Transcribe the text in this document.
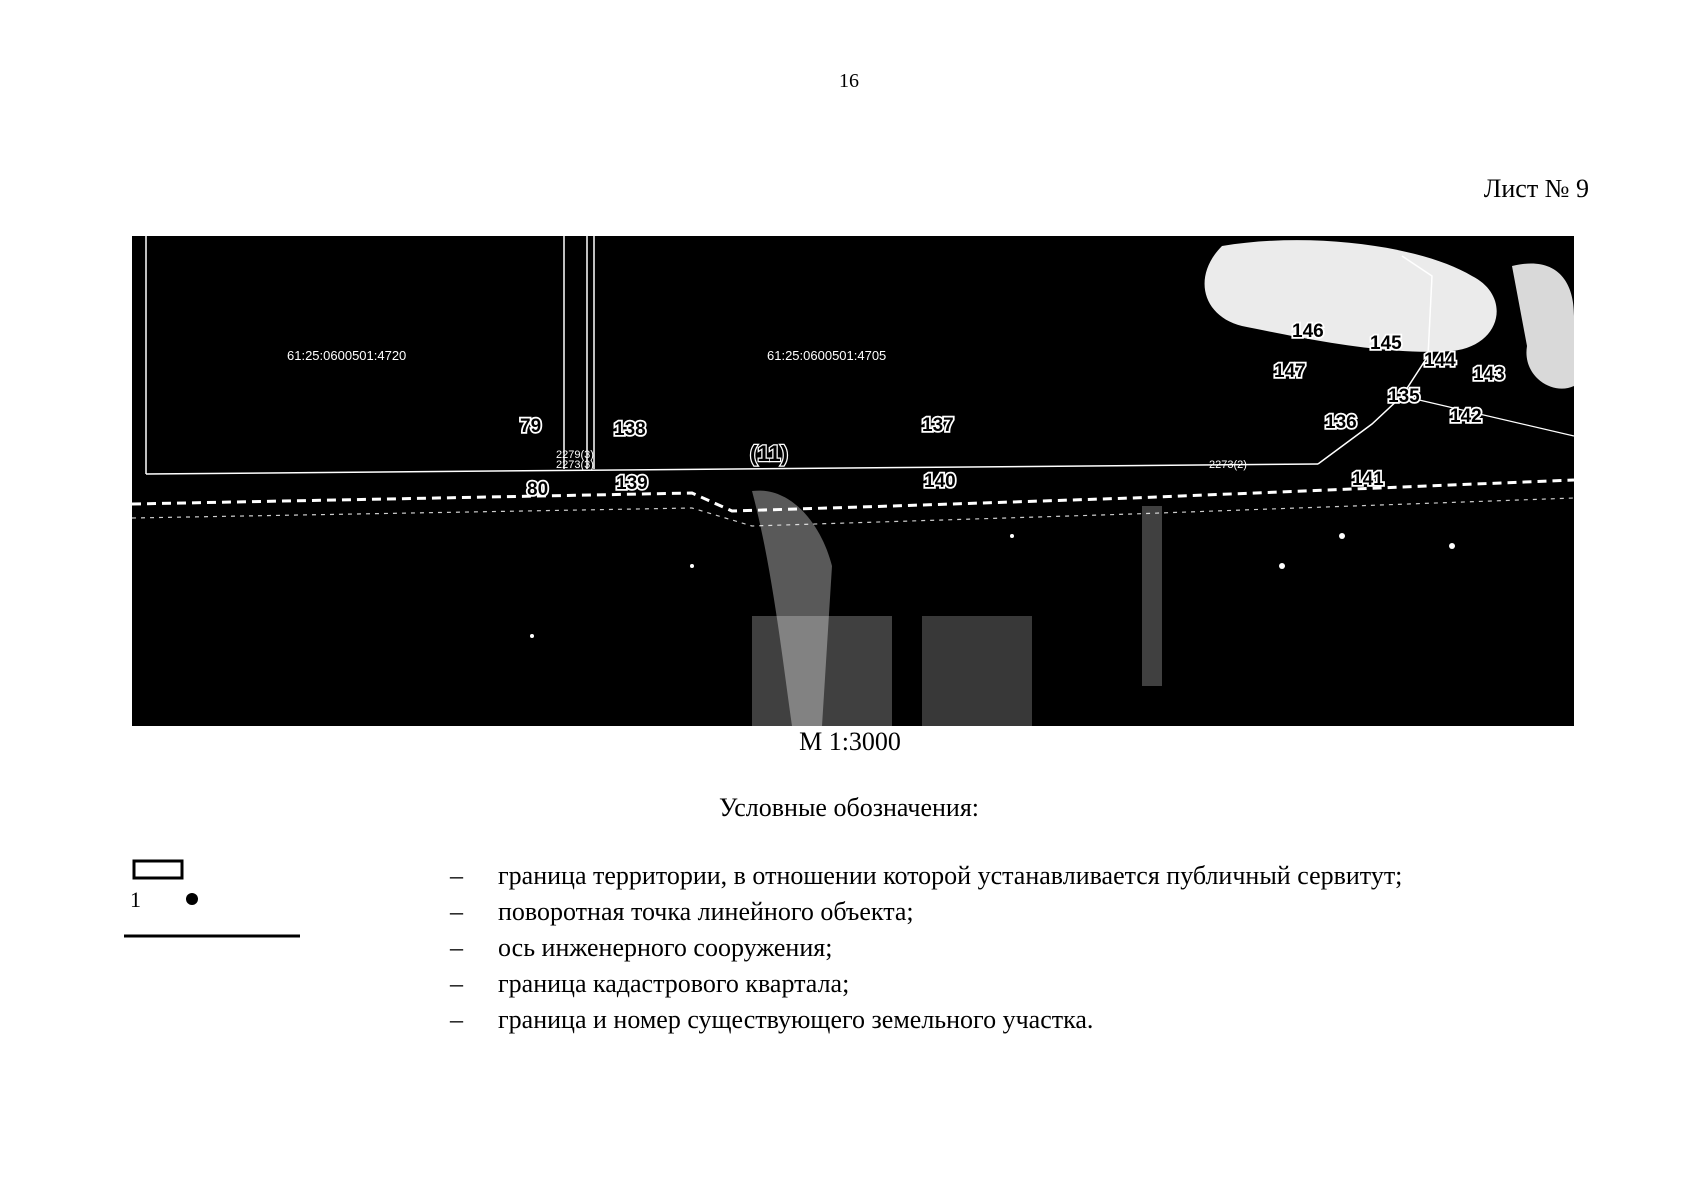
16
Лист № 9
61:25:0600501:4720	61:25:0600501:4705
79
80
138
139
137
140
136
141
135
142
143
144
145
146
147
2279(3)
2273(3)	2273(2)
(11)
М 1:3000
Условные обозначения:
1
– граница территории, в отношении которой устанавливается публичный сервитут;
– поворотная точка линейного объекта;
– ось инженерного сооружения;
– граница кадастрового квартала;
– граница и номер существующего земельного участка.
